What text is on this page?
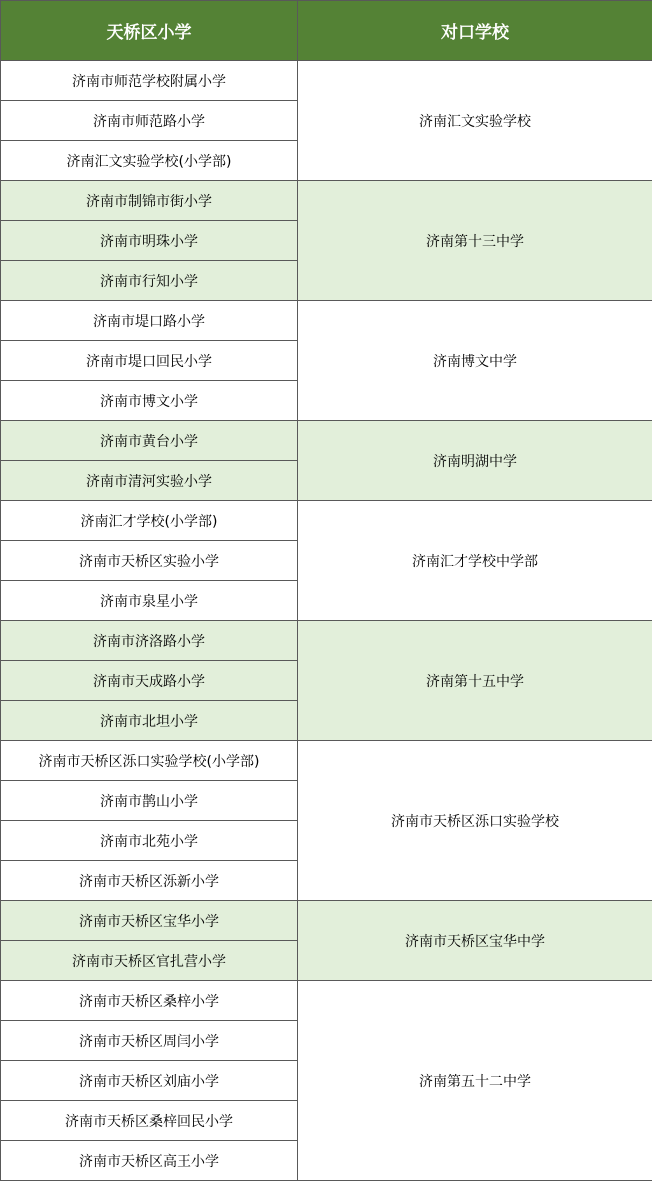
天桥区小学	对口学校
济南市师范学校附属小学	济南汇文实验学校
济南市师范路小学	
济南汇文实验学校(小学部)	
济南市制锦市街小学	济南第十三中学
济南市明珠小学	
济南市行知小学	
济南市堤口路小学	济南博文中学
济南市堤口回民小学	
济南市博文小学	
济南市黄台小学	济南明湖中学
济南市清河实验小学	
济南汇才学校(小学部)	济南汇才学校中学部
济南市天桥区实验小学	
济南市泉星小学	
济南市济洛路小学	济南第十五中学
济南市天成路小学	
济南市北坦小学	
济南市天桥区泺口实验学校(小学部)	济南市天桥区泺口实验学校
济南市鹊山小学	
济南市北苑小学	
济南市天桥区泺新小学	
济南市天桥区宝华小学	济南市天桥区宝华中学
济南市天桥区官扎营小学	
济南市天桥区桑梓小学	济南第五十二中学
济南市天桥区周闫小学	
济南市天桥区刘庙小学	
济南市天桥区桑梓回民小学	
济南市天桥区高王小学	
